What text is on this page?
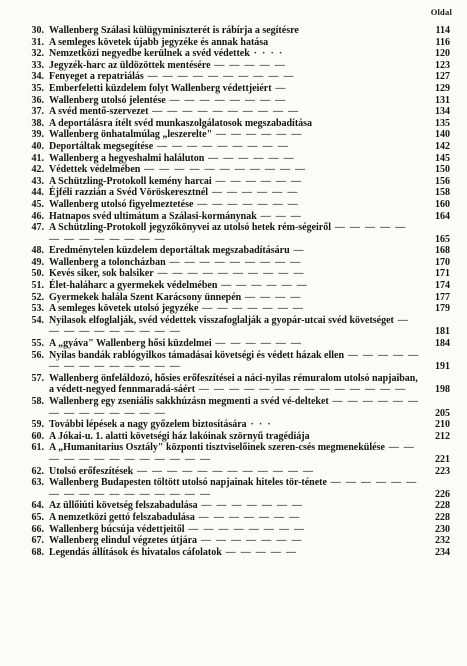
Oldal
30. Wallenberg Szálasi külügyminiszterét is rábírja a segítésre	114
31. A semleges követek újabb jegyzéke és annak hatása	116
32. Nemzetközi negyedbe kerülnek a svéd védettek · · · ·	120
33. Jegyzék-harc az üldözöttek mentésére — — — — —	123
34. Fenyeget a repatriálás — — — — — — — — — —	127
35. Emberfeletti küzdelem folyt Wallenberg védettjeiért —	129
36. Wallenberg utolsó jelentése — — — — — — — —	131
37. A svéd mentő-szervezet — — — — — — — — — —	134
38. A deportálásra ítélt svéd munkaszolgálatosok megszabadítása	135
39. Wallenberg önhatalmúlag „leszerelte" — — — — — —	140
40. Deportáltak megsegítése — — — — — — — — —	142
41. Wallenberg a hegyeshalmi haláluton — — — — — —	145
42. Védettek védelmében — — — — — — — — — — —	150
43. A Schützling-Protokoll kemény harcai — — — — — —	156
44. Éjféli razzián a Svéd Vöröskeresztnél — — — — — —	158
45. Wallenberg utolsó figyelmeztetése — — — — — — —	160
46. Hatnapos svéd ultimátum a Szálasi-kormánynak — — —	164
47. A Schützling-Protokoll jegyzőkönyvei az utolsó hetek rém-ségeiről — — — — — — — — — — — — —	165
48. Eredménytelen küzdelem deportáltak megszabadításáru —	168
49. Wallenberg a toloncházban — — — — — — — — —	170
50. Kevés siker, sok balsiker — — — — — — — — — —	171
51. Élet-haláharc a gyermekek védelmében — — — — — —	174
52. Gyermekek halála Szent Karácsony ünnepén — — — —	177
53. A semleges követek utolsó jegyzéke — — — — — — —	179
54. Nyilasok elfoglalják, svéd védettek visszafoglalják a gyopár-utcai svéd követséget — — — — — — — — — —	181
55. A „gyáva" Wallenberg hősi küzdelmei — — — — — —	184
56. Nyilas bandák rablógyilkos támadásai követségi és védett házak ellen — — — — — — — — — — — — — —	191
57. Wallenberg önfeláldozó, hősies erőfeszítései a náci-nyilas rémuralom utolsó napjaiban, a védett-negyed fennmaradá-sáért — — — — — — — — — — — — — —	198
58. Wallenberg egy zseniális sakkhúzásn megmenti a svéd vé-delteket — — — — — — — — — — — — — —	205
59. További lépések a nagy győzelem biztosítására · · ·	210
60. A Jókai-u. 1. alatti követségi ház lakóinak szörnyű tragédiája	212
61. A „Humanitarius Osztály" központi tisztviselőinek szeren-csés megmenekülése — — — — — — — — — — — — —	221
62. Utolsó erőfeszítések — — — — — — — — — — — —	223
63. Wallenberg Budapesten töltött utolsó napjainak hiteles tör-ténete — — — — — — — — — — — — — — — — —	226
64. Az üllőiúti követség felszabadulása — — — — — — —	228
65. A nemzetközi gettó felszabadulása — — — — — — —	228
66. Wallenberg búcsúja védettjeitől — — — — — — — —	230
67. Wallenberg elindul végzetes útjára — — — — — — —	232
68. Legendás állítások és hivatalos cáfolatok — — — — —	234
